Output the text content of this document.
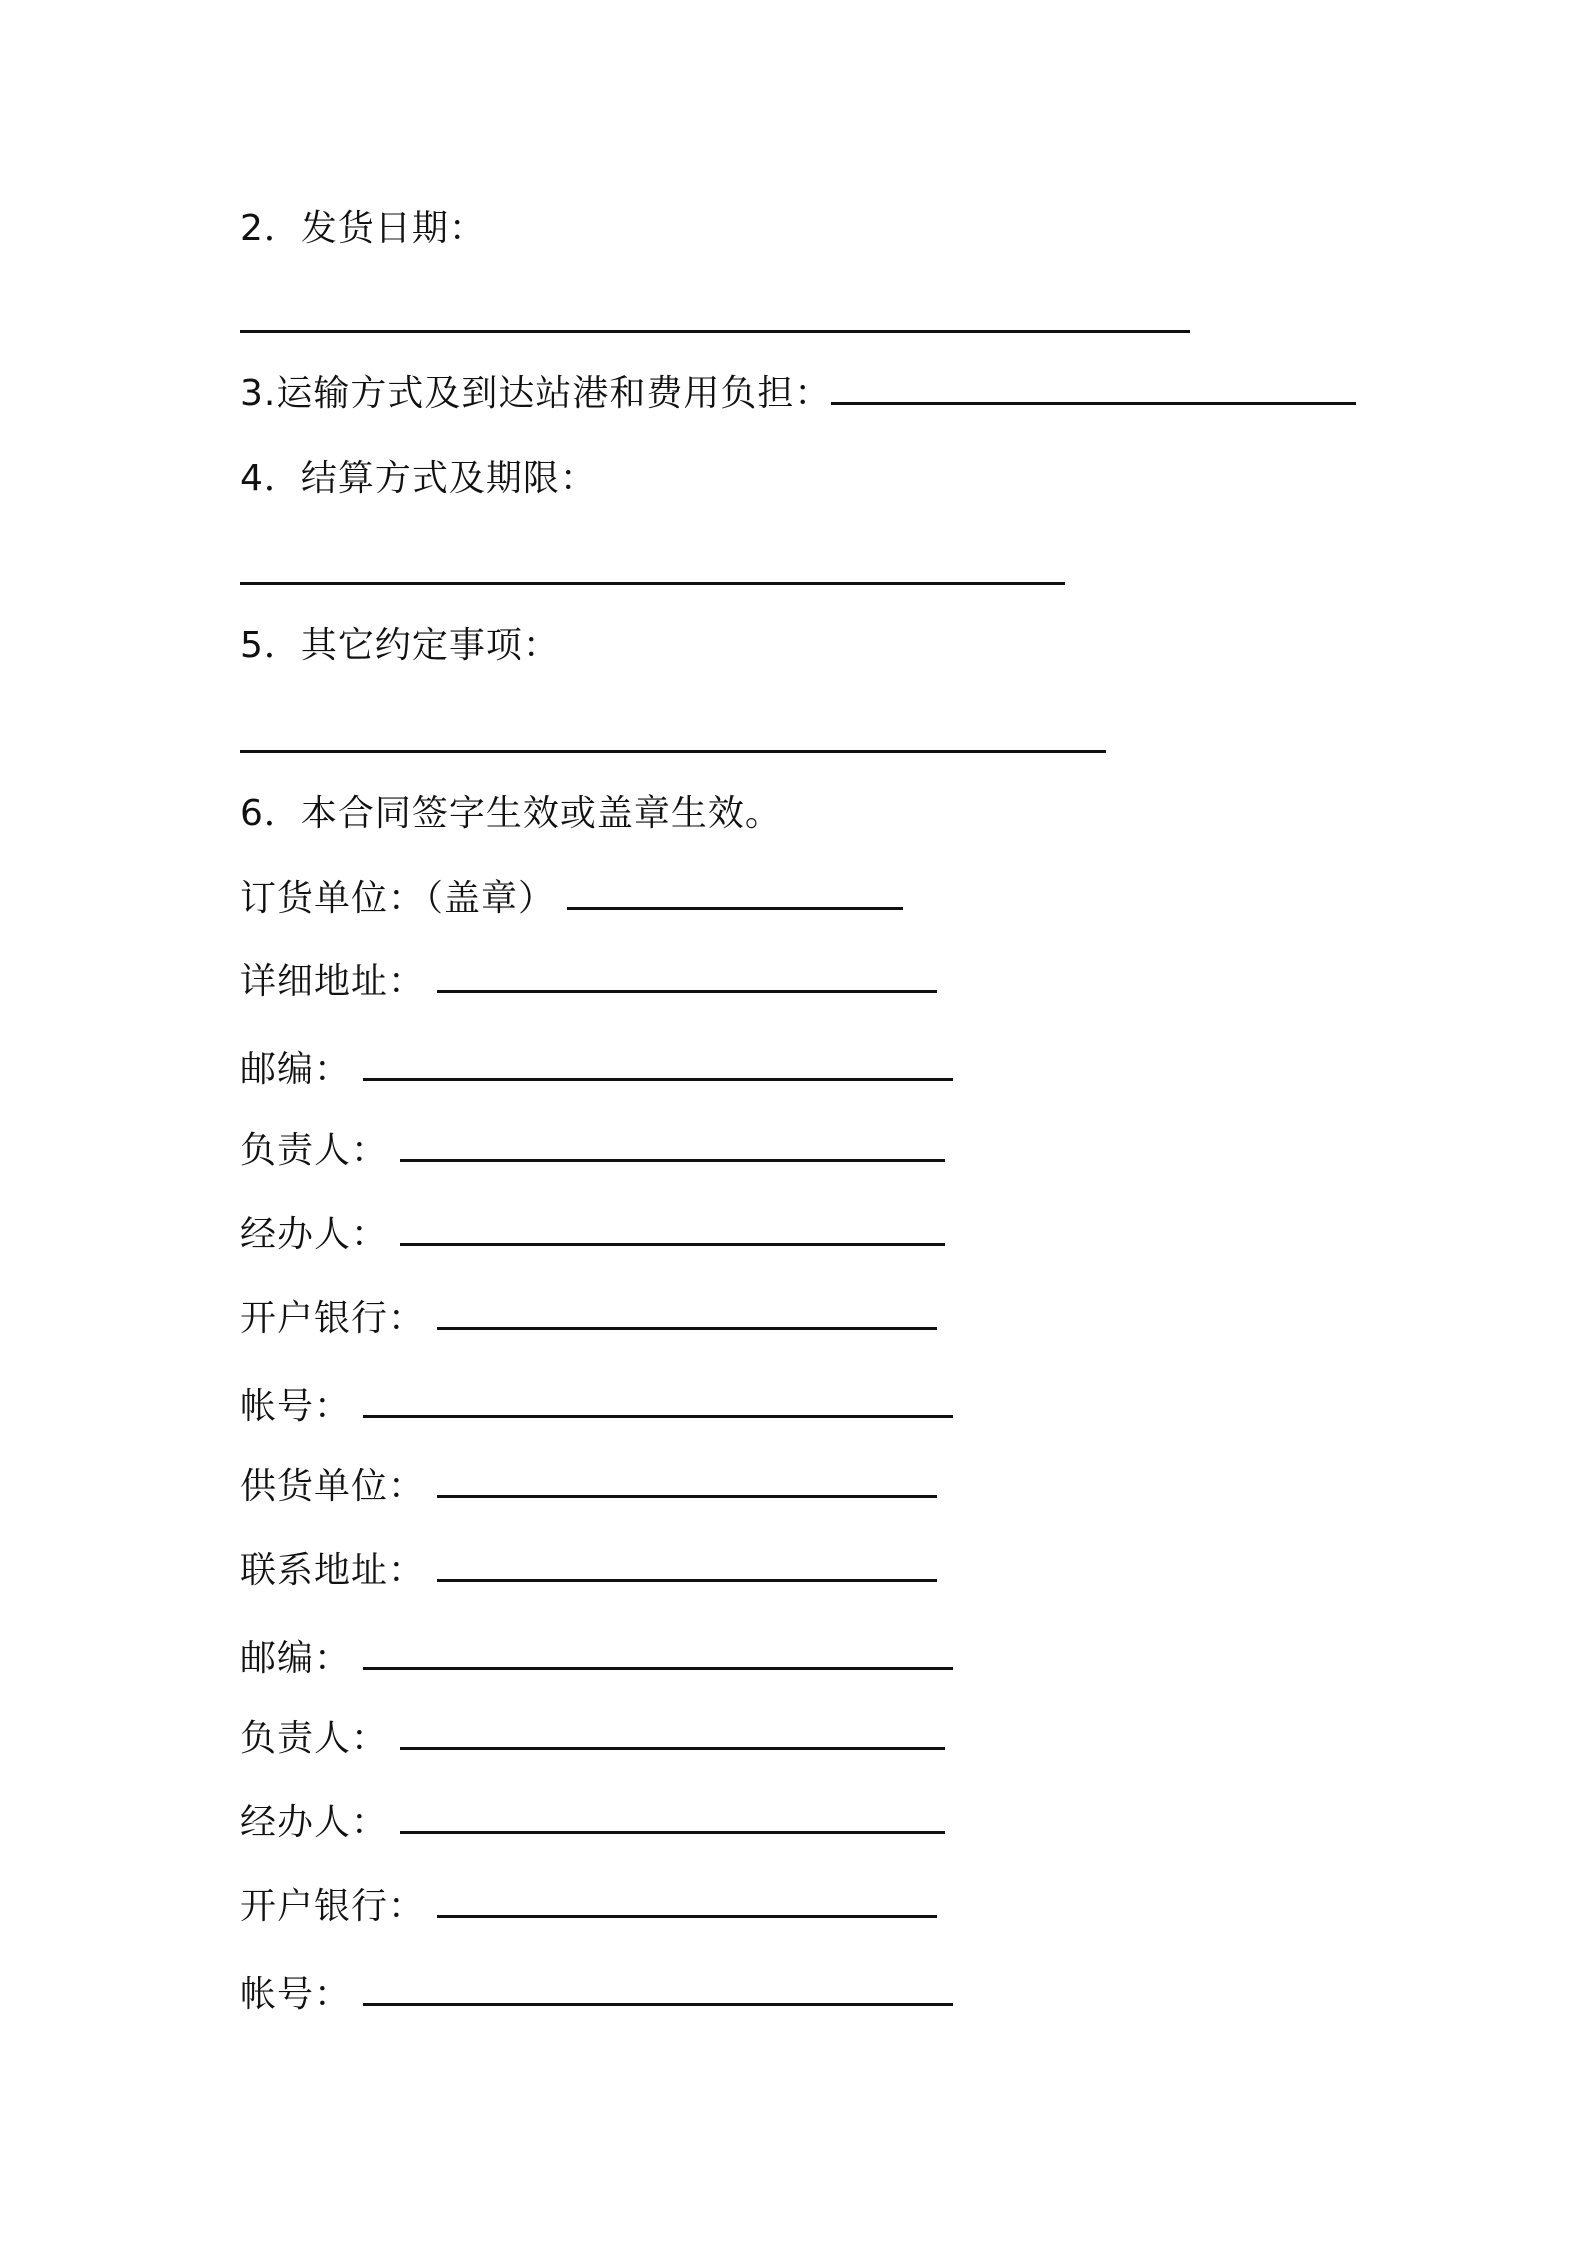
2．发货日期：
3.运输方式及到达站港和费用负担：
4．结算方式及期限：
5．其它约定事项：
6．本合同签字生效或盖章生效。
订货单位：（盖章）
详细地址：
邮编：
负责人：
经办人：
开户银行：
帐号：
供货单位：
联系地址：
邮编：
负责人：
经办人：
开户银行：
帐号：
